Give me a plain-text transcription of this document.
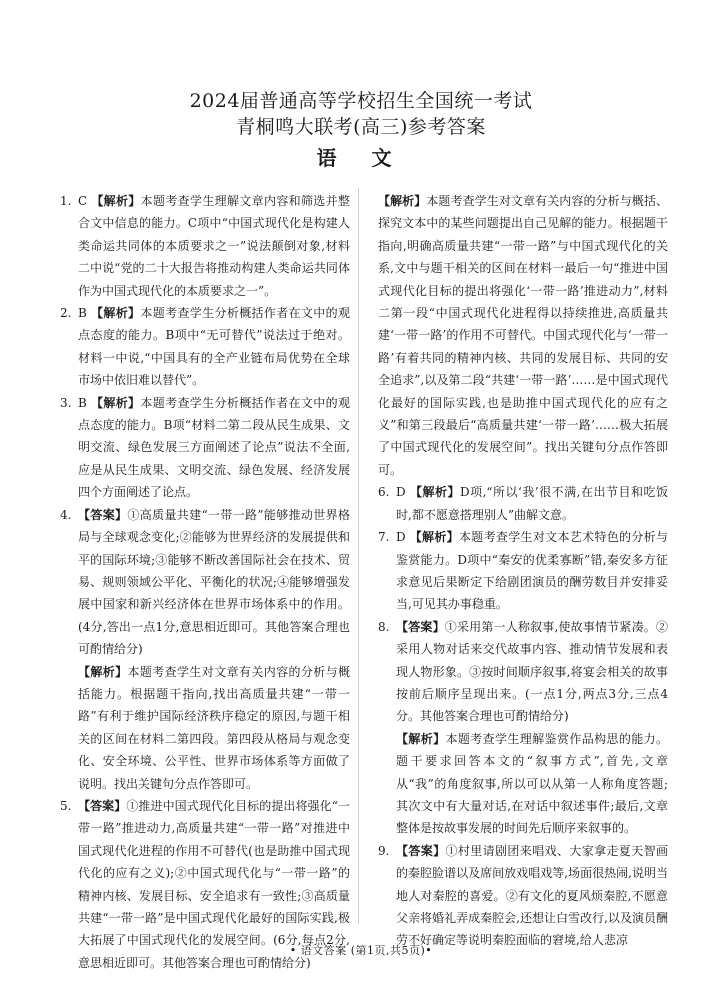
2024届普通高等学校招生全国统一考试
青桐鸣大联考(高三)参考答案
语 文

1. C 【解析】本题考查学生理解文章内容和筛选并整合文中信息的能力。C项中“中国式现代化是构建人类命运共同体的本质要求之一”说法颠倒对象,材料二中说“党的二十大报告将推动构建人类命运共同体作为中国式现代化的本质要求之一”。

2. B 【解析】本题考查学生分析概括作者在文中的观点态度的能力。B项中“无可替代”说法过于绝对。材料一中说,“中国具有的全产业链布局优势在全球市场中依旧难以替代”。

3. B 【解析】本题考查学生分析概括作者在文中的观点态度的能力。B项“材料二第二段从民生成果、文明交流、绿色发展三方面阐述了论点”说法不全面,应是从民生成果、文明交流、绿色发展、经济发展四个方面阐述了论点。

4. 【答案】①高质量共建“一带一路”能够推动世界格局与全球观念变化;②能够为世界经济的发展提供和平的国际环境;③能够不断改善国际社会在技术、贸易、规则领域公平化、平衡化的状况;④能够增强发展中国家和新兴经济体在世界市场体系中的作用。(4分,答出一点1分,意思相近即可。其他答案合理也可酌情给分)

【解析】本题考查学生对文章有关内容的分析与概括能力。根据题干指向,找出高质量共建“一带一路”有利于维护国际经济秩序稳定的原因,与题干相关的区间在材料二第四段。第四段从格局与观念变化、安全环境、公平性、世界市场体系等方面做了说明。找出关键句分点作答即可。

5. 【答案】①推进中国式现代化目标的提出将强化“一带一路”推进动力,高质量共建“一带一路”对推进中国式现代化进程的作用不可替代(也是助推中国式现代化的应有之义);②中国式现代化与“一带一路”的精神内核、发展目标、安全追求有一致性;③高质量共建“一带一路”是中国式现代化最好的国际实践,极大拓展了中国式现代化的发展空间。(6分,每点2分,意思相近即可。其他答案合理也可酌情给分)

【解析】本题考查学生对文章有关内容的分析与概括、探究文本中的某些问题提出自己见解的能力。根据题干指向,明确高质量共建“一带一路”与中国式现代化的关系,文中与题干相关的区间在材料一最后一句“推进中国式现代化目标的提出将强化‘一带一路’推进动力”,材料二第一段“中国式现代化进程得以持续推进,高质量共建‘一带一路’的作用不可替代。中国式现代化与‘一带一路’有着共同的精神内核、共同的发展目标、共同的安全追求”,以及第二段“共建‘一带一路’……是中国式现代化最好的国际实践,也是助推中国式现代化的应有之义”和第三段最后“高质量共建‘一带一路’……极大拓展了中国式现代化的发展空间”。找出关键句分点作答即可。

6. D 【解析】D项,“所以‘我’很不满,在出节目和吃饭时,都不愿意搭理别人”曲解文意。

7. D 【解析】本题考查学生对文本艺术特色的分析与鉴赏能力。D项中“秦安的优柔寡断”错,秦安多方征求意见后果断定下给剧团演员的酬劳数目并安排妥当,可见其办事稳重。

8. 【答案】①采用第一人称叙事,使故事情节紧凑。②采用人物对话来交代故事内容、推动情节发展和表现人物形象。③按时间顺序叙事,将宴会相关的故事按前后顺序呈现出来。(一点1分,两点3分,三点4分。其他答案合理也可酌情给分)

【解析】本题考查学生理解鉴赏作品构思的能力。题干要求回答本文的“叙事方式”,首先,文章从“我”的角度叙事,所以可以从第一人称角度答题;其次文中有大量对话,在对话中叙述事件;最后,文章整体是按故事发展的时间先后顺序来叙事的。

9. 【答案】①村里请剧团来唱戏、大家拿走夏天智画的秦腔脸谱以及席间放戏唱戏等,场面很热闹,说明当地人对秦腔的喜爱。②有文化的夏风烦秦腔,不愿意父亲将婚礼弄成秦腔会,还想让白雪改行,以及演员酬劳不好确定等说明秦腔面临的窘境,给人悲凉

• 语文答案 (第1页,共5页)•
